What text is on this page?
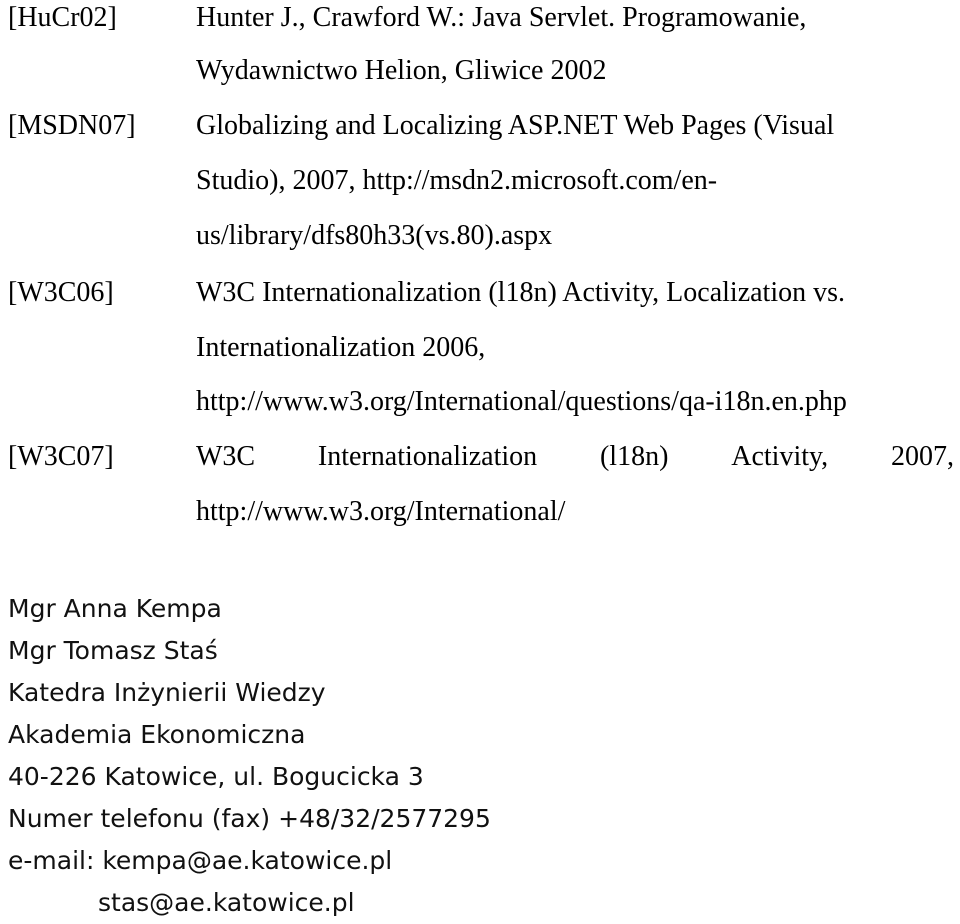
[HuCr02]	Hunter J., Crawford W.: Java Servlet. Programowanie,
Wydawnictwo Helion, Gliwice 2002
[MSDN07] Globalizing and Localizing ASP.NET Web Pages (Visual
Studio), 2007, http://msdn2.microsoft.com/en-
us/library/dfs80h33(vs.80).aspx
[W3C06]	W3C Internationalization (l18n) Activity, Localization vs.
Internationalization 2006,
http://www.w3.org/International/questions/qa-i18n.en.php
[W3C07]	W3C Internationalization (l18n) Activity, 2007,
http://www.w3.org/International/
Mgr Anna Kempa
Mgr Tomasz Staś
Katedra Inżynierii Wiedzy
Akademia Ekonomiczna
40-226 Katowice, ul. Bogucicka 3
Numer telefonu (fax) +48/32/2577295
e-mail: kempa@ae.katowice.pl
stas@ae.katowice.pl
